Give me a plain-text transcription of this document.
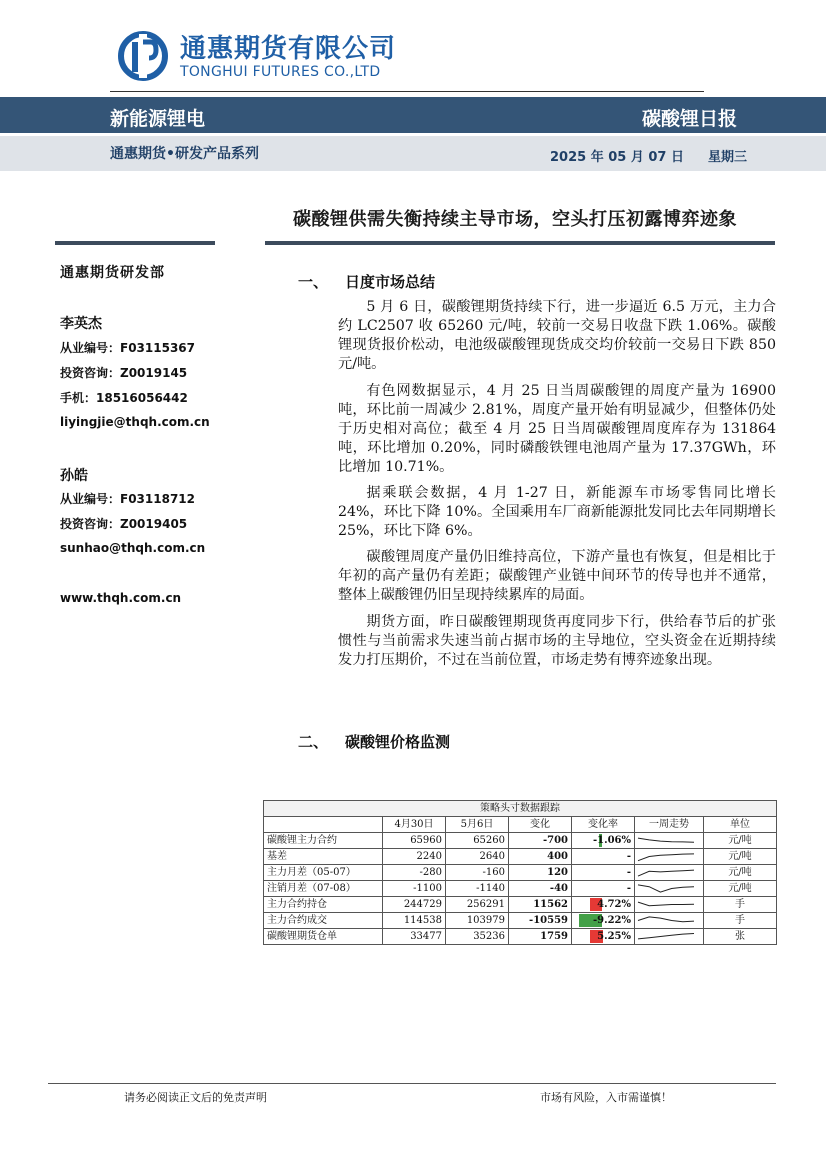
通惠期货有限公司
TONGHUI FUTURES CO.,LTD
新能源锂电	碳酸锂日报
通惠期货•研发产品系列	2025 年 05 月 07 日 星期三
碳酸锂供需失衡持续主导市场，空头打压初露博弈迹象
通惠期货研发部
李英杰
从业编号：F03115367
投资咨询：Z0019145
手机：18516056442
liyingjie@thqh.com.cn
孙皓
从业编号：F03118712
投资咨询：Z0019405
sunhao@thqh.com.cn
www.thqh.com.cn
一、 日度市场总结

5 月 6 日，碳酸锂期货持续下行，进一步逼近 6.5 万元，主力合约 LC2507 收 65260 元/吨，较前一交易日收盘下跌 1.06%。碳酸锂现货报价松动，电池级碳酸锂现货成交均价较前一交易日下跌 850 元/吨。

有色网数据显示，4 月 25 日当周碳酸锂的周度产量为 16900 吨，环比前一周减少 2.81%，周度产量开始有明显减少，但整体仍处于历史相对高位；截至 4 月 25 日当周碳酸锂周度库存为 131864 吨，环比增加 0.20%，同时磷酸铁锂电池周产量为 17.37GWh，环比增加 10.71%。

据乘联会数据，4 月 1-27 日，新能源车市场零售同比增长 24%，环比下降 10%。全国乘用车厂商新能源批发同比去年同期增长 25%，环比下降 6%。

碳酸锂周度产量仍旧维持高位，下游产量也有恢复，但是相比于年初的高产量仍有差距；碳酸锂产业链中间环节的传导也并不通常，整体上碳酸锂仍旧呈现持续累库的局面。

期货方面，昨日碳酸锂期现货再度同步下行，供给春节后的扩张惯性与当前需求失速当前占据市场的主导地位，空头资金在近期持续发力打压期价，不过在当前位置，市场走势有博弈迹象出现。

二、 碳酸锂价格监测
策略头寸数据跟踪						
	4月30日	5月6日	变化	变化率	一周走势	单位
碳酸锂主力合约	65960	65260	-700	-1.06%		元/吨
基差	2240	2640	400	-		元/吨
主力月差（05-07）	-280	-160	120	-		元/吨
注销月差（07-08）	-1100	-1140	-40	-		元/吨
主力合约持仓	244729	256291	11562	4.72%		手
主力合约成交	114538	103979	-10559	-9.22%		手
碳酸锂期货仓单	33477	35236	1759	5.25%		张
请务必阅读正文后的免责声明	市场有风险，入市需谨慎！
